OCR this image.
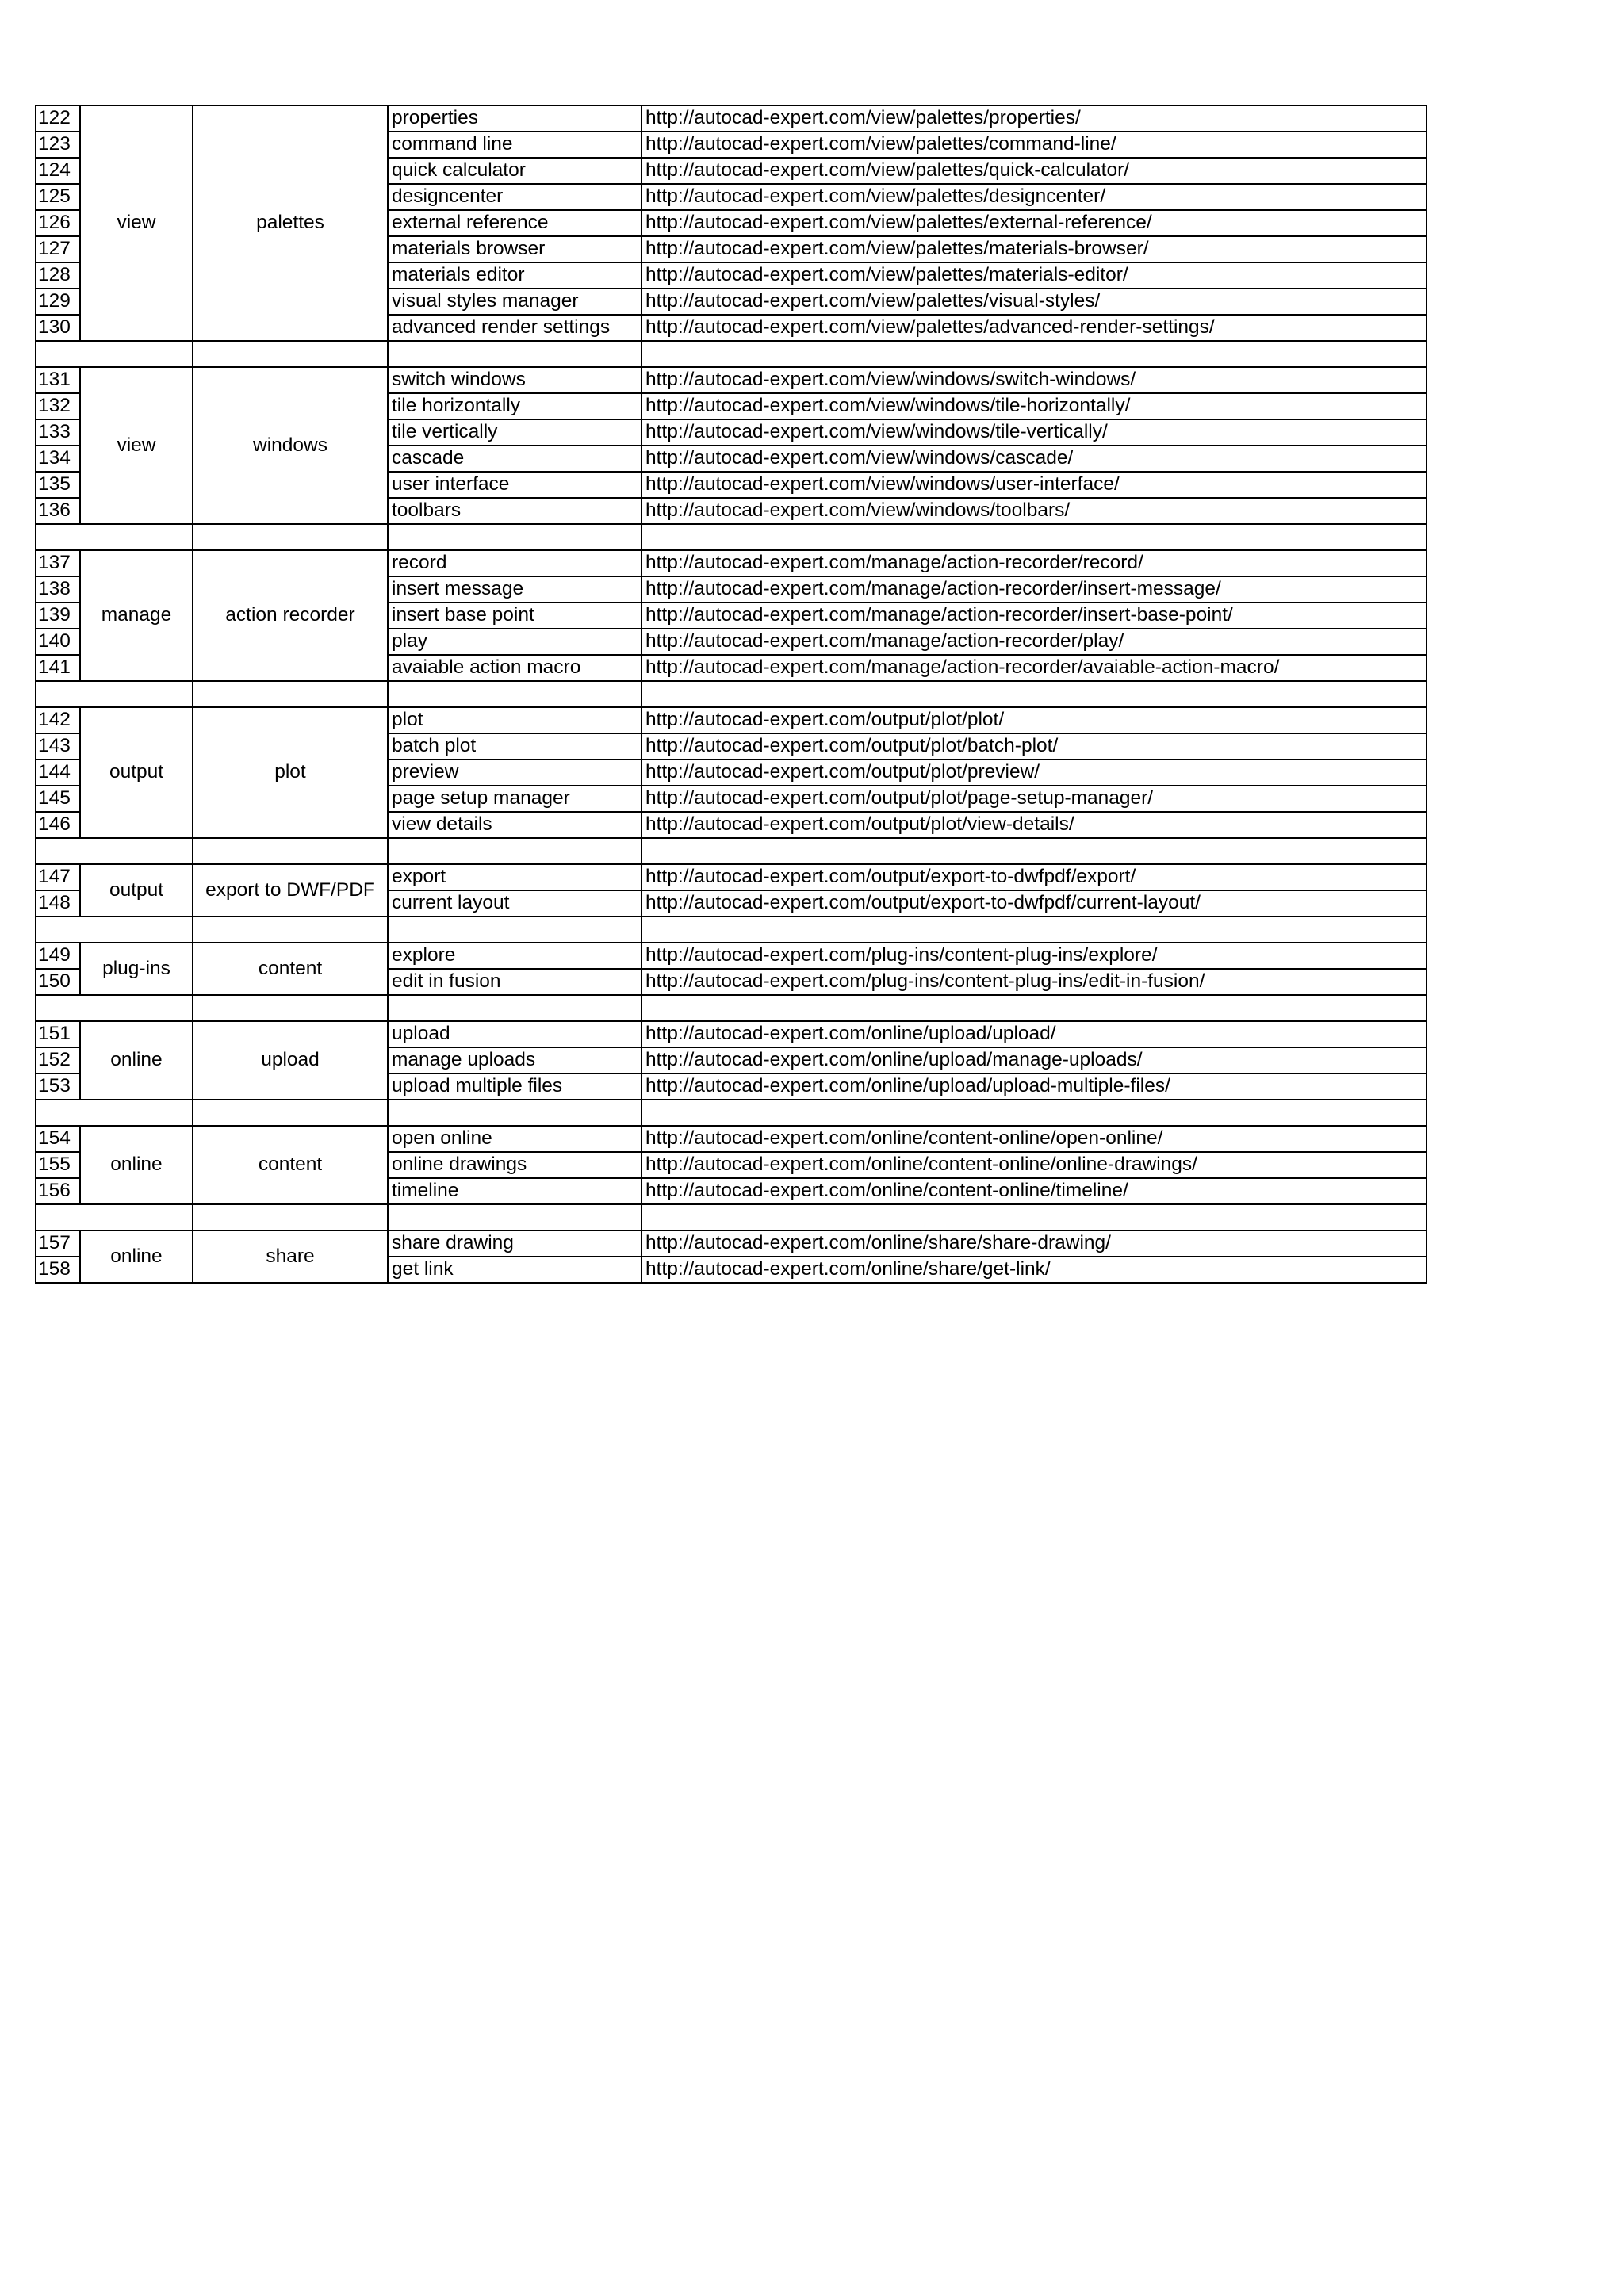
122	view	palettes	properties	http://autocad-expert.com/view/palettes/properties/
123			command line	http://autocad-expert.com/view/palettes/command-line/
124			quick calculator	http://autocad-expert.com/view/palettes/quick-calculator/
125			designcenter	http://autocad-expert.com/view/palettes/designcenter/
126			external reference	http://autocad-expert.com/view/palettes/external-reference/
127			materials browser	http://autocad-expert.com/view/palettes/materials-browser/
128			materials editor	http://autocad-expert.com/view/palettes/materials-editor/
129			visual styles manager	http://autocad-expert.com/view/palettes/visual-styles/
130			advanced render settings	http://autocad-expert.com/view/palettes/advanced-render-settings/

131	view	windows	switch windows	http://autocad-expert.com/view/windows/switch-windows/
132			tile horizontally	http://autocad-expert.com/view/windows/tile-horizontally/
133			tile vertically	http://autocad-expert.com/view/windows/tile-vertically/
134			cascade	http://autocad-expert.com/view/windows/cascade/
135			user interface	http://autocad-expert.com/view/windows/user-interface/
136			toolbars	http://autocad-expert.com/view/windows/toolbars/

137	manage	action recorder	record	http://autocad-expert.com/manage/action-recorder/record/
138			insert message	http://autocad-expert.com/manage/action-recorder/insert-message/
139			insert base point	http://autocad-expert.com/manage/action-recorder/insert-base-point/
140			play	http://autocad-expert.com/manage/action-recorder/play/
141			avaiable action macro	http://autocad-expert.com/manage/action-recorder/avaiable-action-macro/

142	output	plot	plot	http://autocad-expert.com/output/plot/plot/
143			batch plot	http://autocad-expert.com/output/plot/batch-plot/
144			preview	http://autocad-expert.com/output/plot/preview/
145			page setup manager	http://autocad-expert.com/output/plot/page-setup-manager/
146			view details	http://autocad-expert.com/output/plot/view-details/

147	output	export to DWF/PDF	export	http://autocad-expert.com/output/export-to-dwfpdf/export/
148			current layout	http://autocad-expert.com/output/export-to-dwfpdf/current-layout/

149	plug-ins	content	explore	http://autocad-expert.com/plug-ins/content-plug-ins/explore/
150			edit in fusion	http://autocad-expert.com/plug-ins/content-plug-ins/edit-in-fusion/

151	online	upload	upload	http://autocad-expert.com/online/upload/upload/
152			manage uploads	http://autocad-expert.com/online/upload/manage-uploads/
153			upload multiple files	http://autocad-expert.com/online/upload/upload-multiple-files/

154	online	content	open online	http://autocad-expert.com/online/content-online/open-online/
155			online drawings	http://autocad-expert.com/online/content-online/online-drawings/
156			timeline	http://autocad-expert.com/online/content-online/timeline/

157	online	share	share drawing	http://autocad-expert.com/online/share/share-drawing/
158			get link	http://autocad-expert.com/online/share/get-link/
